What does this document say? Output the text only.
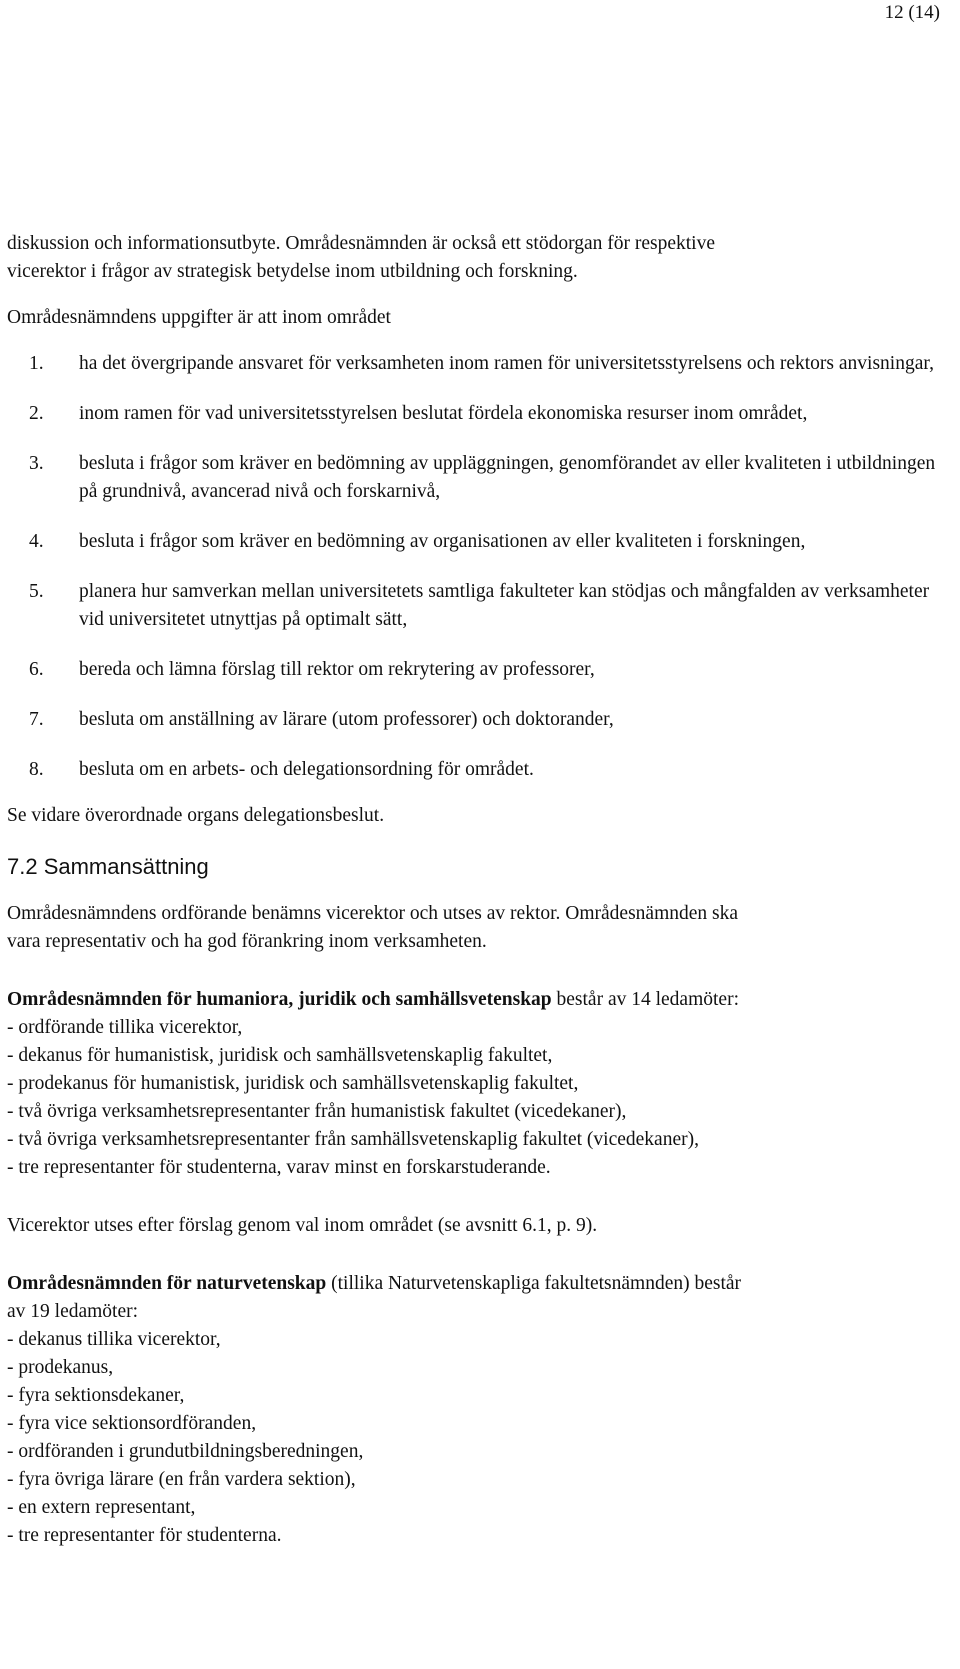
12 (14)

diskussion och informationsutbyte. Områdesnämnden är också ett stödorgan för respektive

vicerektor i frågor av strategisk betydelse inom utbildning och forskning.

Områdesnämndens uppgifter är att inom området

1.	ha det övergripande ansvaret för verksamheten inom ramen för universitetsstyrelsens och rektors anvisningar,
2.	inom ramen för vad universitetsstyrelsen beslutat fördela ekonomiska resurser inom området,
3.	besluta i frågor som kräver en bedömning av uppläggningen, genomförandet av eller kvaliteten i utbildningen på grundnivå, avancerad nivå och forskarnivå,
4.	besluta i frågor som kräver en bedömning av organisationen av eller kvaliteten i forskningen,
5.	planera hur samverkan mellan universitetets samtliga fakulteter kan stödjas och mångfalden av verksamheter vid universitetet utnyttjas på optimalt sätt,
6.	bereda och lämna förslag till rektor om rekrytering av professorer,
7.	besluta om anställning av lärare (utom professorer) och doktorander,
8.	besluta om en arbets- och delegationsordning för området.

Se vidare överordnade organs delegationsbeslut.

7.2 Sammansättning

Områdesnämndens ordförande benämns vicerektor och utses av rektor. Områdesnämnden ska

vara representativ och ha god förankring inom verksamheten.

Områdesnämnden för humaniora, juridik och samhällsvetenskap består av 14 ledamöter:

- ordförande tillika vicerektor,

- dekanus för humanistisk, juridisk och samhällsvetenskaplig fakultet,

- prodekanus för humanistisk, juridisk och samhällsvetenskaplig fakultet,

- två övriga verksamhetsrepresentanter från humanistisk fakultet (vicedekaner),

- två övriga verksamhetsrepresentanter från samhällsvetenskaplig fakultet (vicedekaner),

- tre representanter för studenterna, varav minst en forskarstuderande.

Vicerektor utses efter förslag genom val inom området (se avsnitt 6.1, p. 9).

Områdesnämnden för naturvetenskap (tillika Naturvetenskapliga fakultetsnämnden) består

av 19 ledamöter:

- dekanus tillika vicerektor,

- prodekanus,

- fyra sektionsdekaner,

- fyra vice sektionsordföranden,

- ordföranden i grundutbildningsberedningen,

- fyra övriga lärare (en från vardera sektion),

- en extern representant,

- tre representanter för studenterna.
